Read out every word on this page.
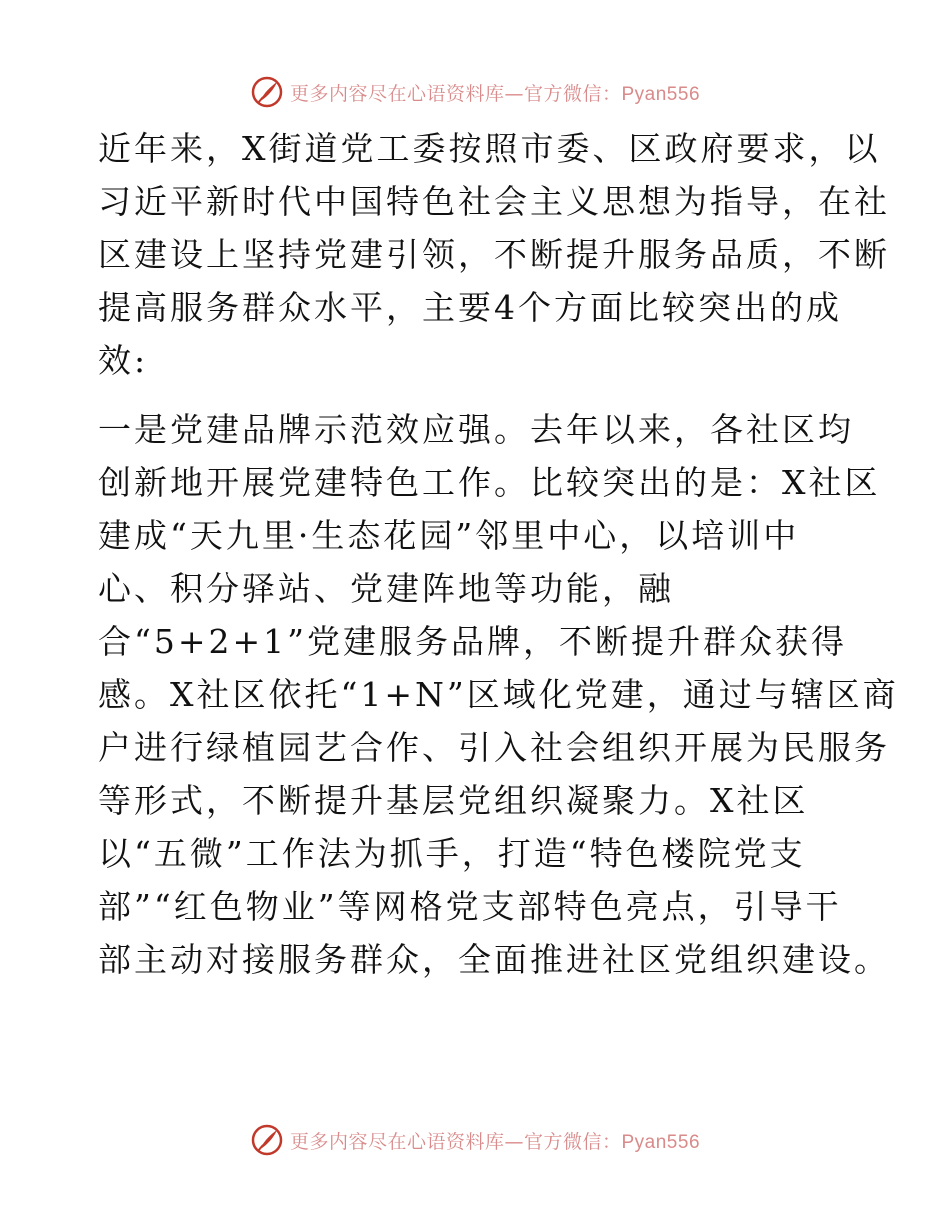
更多内容尽在心语资料库—官方微信：Pyan556

近年来，X街道党工委按照市委、区政府要求，以
习近平新时代中国特色社会主义思想为指导，在社
区建设上坚持党建引领，不断提升服务品质，不断
提高服务群众水平，主要4个方面比较突出的成
效:

一是党建品牌示范效应强。去年以来，各社区均
创新地开展党建特色工作。比较突出的是：X社区
建成“天九里·生态花园”邻里中心，以培训中
心、积分驿站、党建阵地等功能，融
合“5+2+1”党建服务品牌，不断提升群众获得
感。X社区依托“1+N”区域化党建，通过与辖区商
户进行绿植园艺合作、引入社会组织开展为民服务
等形式，不断提升基层党组织凝聚力。X社区
以“五微”工作法为抓手，打造“特色楼院党支
部”“红色物业”等网格党支部特色亮点，引导干
部主动对接服务群众，全面推进社区党组织建设。

更多内容尽在心语资料库—官方微信：Pyan556
